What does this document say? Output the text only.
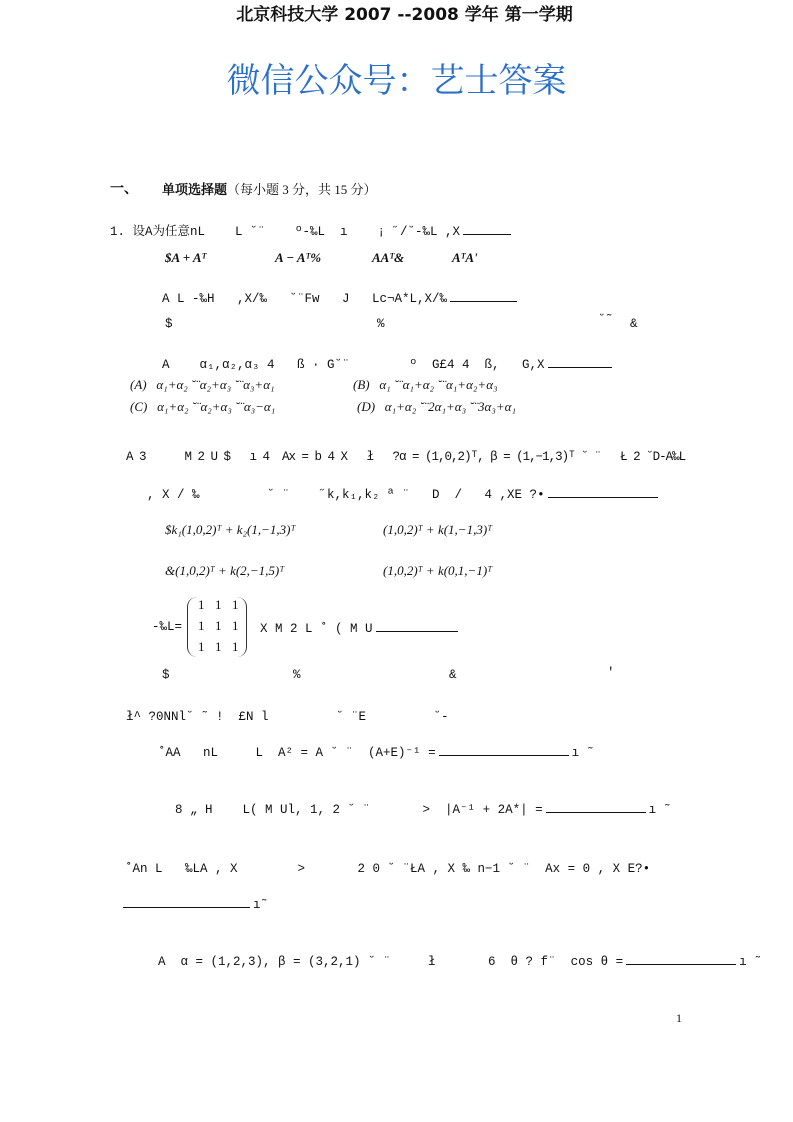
微信公众号：艺士答案
北京科技大学 2007 --2008 学年 第一学期
一、 单项选择题（每小题 3 分，共 15 分）
1. 设A为任意nL    L ˘¨    º-‰L  ı    ¡ ˝/˘-‰L ,X
$A + Aᵀ	A − Aᵀ%	AAᵀ&	AᵀA'
A L -‰H   ,X/‰   ˘¨Fw   J   Lc¬A*L,X/‰
$	%	˘˜ &
A    α₁,α₂,α₃ 4   ß · G˘¨        º  G£4 4  ß,   G,X
(A)   α₁+α₂ ˘¨α₂+α₃ ˘¨α₃+α₁	(B)   α₁ ˘¨α₁+α₂ ˘¨α₁+α₂+α₃
(C)   α₁+α₂ ˘¨α₂+α₃ ˘¨α₃−α₁	(D)   α₁+α₂ ˘¨2α₁+α₃ ˘¨3α₃+α₁
A 3      M 2 U $   ı 4  Ax = b 4 X   ł   ?α = (1,0,2)ᵀ, β = (1,−1,3)ᵀ ˘ ¨   Ł 2 ˘D-A‰L
, X / ‰         ˘ ¨    ˝k,k₁,k₂ ª ¨   D  /   4 ,XE ?•
$k₁(1,0,2)ᵀ + k₂(1,−1,3)ᵀ	(1,0,2)ᵀ + k(1,−1,3)ᵀ
&(1,0,2)ᵀ + k(2,−1,5)ᵀ	(1,0,2)ᵀ + k(0,1,−1)ᵀ
-‰L=
1 1 1
1 1 1
1 1 1
X M 2 L ˚ ( M U
$	%	&	'
ł^ ?0NNl˘ ˜ !  £N l         ˘ ¨E         ˘-
˚AA   nL     L  A² = A ˘ ¨  (A+E)⁻¹ =	ı ˜
8 „ H    L( M Ul, 1, 2 ˘ ¨       >  |A⁻¹ + 2A*| =	ı ˜
˚An L   ‰LA , X        >       2 0 ˘ ¨ŁA , X ‰ n−1 ˘ ¨  Ax = 0 , X E?•
ı˜
A  α = (1,2,3), β = (3,2,1) ˘ ¨     ł       6  θ ? f¨  cos θ =	ı ˜
1
